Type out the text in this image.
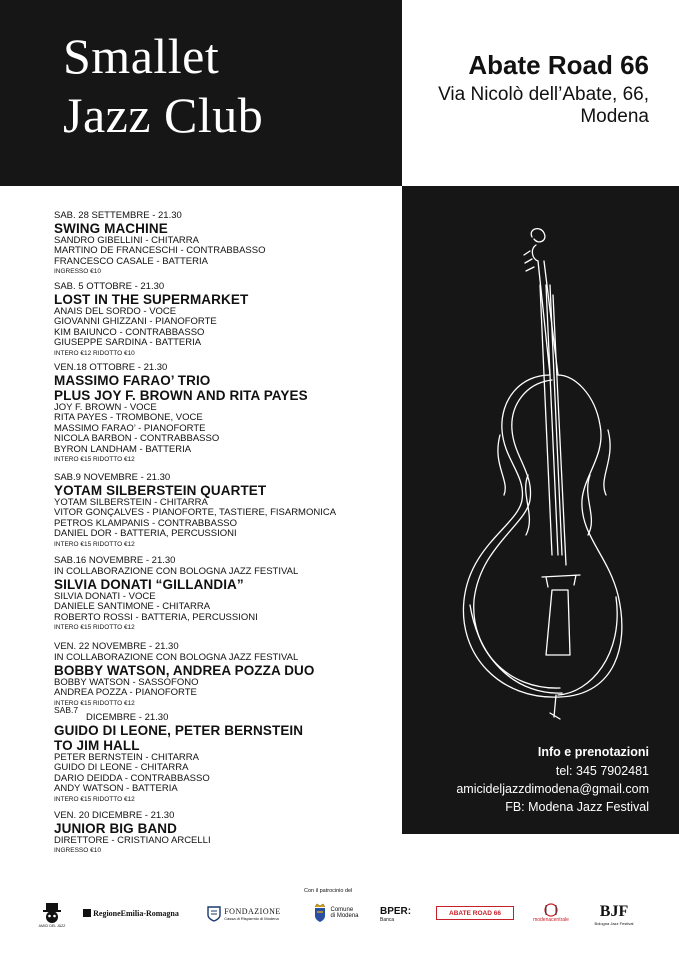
Smallet
Jazz Club
Abate Road 66
Via Nicolò dell’Abate, 66,
Modena
Info e prenotazioni
tel: 345 7902481
amicideljazzdimodena@gmail.com
FB: Modena Jazz Festival
SAB. 28 SETTEMBRE - 21.30
SWING MACHINE
SANDRO GIBELLINI - CHITARRA
MARTINO DE FRANCESCHI - CONTRABBASSO
FRANCESCO CASALE - BATTERIA
INGRESSO €10
SAB. 5 OTTOBRE - 21.30
LOST IN THE SUPERMARKET
ANAIS DEL SORDO - VOCE
GIOVANNI GHIZZANI - PIANOFORTE
KIM BAIUNCO - CONTRABBASSO
GIUSEPPE SARDINA - BATTERIA
INTERO €12 RIDOTTO €10
VEN.18 OTTOBRE - 21.30
MASSIMO FARAO’ TRIO
PLUS JOY F. BROWN AND RITA PAYES
JOY F. BROWN - VOCE
RITA PAYES - TROMBONE, VOCE
MASSIMO FARAO’ - PIANOFORTE
NICOLA BARBON - CONTRABBASSO
BYRON LANDHAM - BATTERIA
INTERO €15 RIDOTTO €12
SAB.9 NOVEMBRE - 21.30
YOTAM SILBERSTEIN QUARTET
YOTAM SILBERSTEIN - CHITARRA
VITOR GONÇALVES - PIANOFORTE, TASTIERE, FISARMONICA
PETROS KLAMPANIS - CONTRABBASSO
DANIEL DOR - BATTERIA, PERCUSSIONI
INTERO €15 RIDOTTO €12
SAB.16 NOVEMBRE - 21.30
IN COLLABORAZIONE CON BOLOGNA JAZZ FESTIVAL
SILVIA DONATI “GILLANDIA”
SILVIA DONATI - VOCE
DANIELE SANTIMONE - CHITARRA
ROBERTO ROSSI - BATTERIA, PERCUSSIONI
INTERO €15 RIDOTTO €12
VEN. 22 NOVEMBRE - 21.30
IN COLLABORAZIONE CON BOLOGNA JAZZ FESTIVAL
BOBBY WATSON, ANDREA POZZA DUO
BOBBY WATSON - SASSOFONO
ANDREA POZZA - PIANOFORTE
INTERO €15 RIDOTTO €12
SAB.7
DICEMBRE - 21.30
GUIDO DI LEONE, PETER BERNSTEIN
TO JIM HALL
PETER BERNSTEIN - CHITARRA
GUIDO DI LEONE - CHITARRA
DARIO DEIDDA - CONTRABBASSO
ANDY WATSON - BATTERIA
INTERO €15 RIDOTTO €12
VEN. 20 DICEMBRE - 21.30
JUNIOR BIG BAND
DIRETTORE - CRISTIANO ARCELLI
INGRESSO €10
Con il patrocinio del
AMICI DEL JAZZ
RegioneEmilia-Romagna	FONDAZIONE
Cassa di Risparmio di Modena
Comune
di Modena BPER:
Banca
ABATE ROAD 66
modenacentrale
BJF
Bologna Jazz Festival
